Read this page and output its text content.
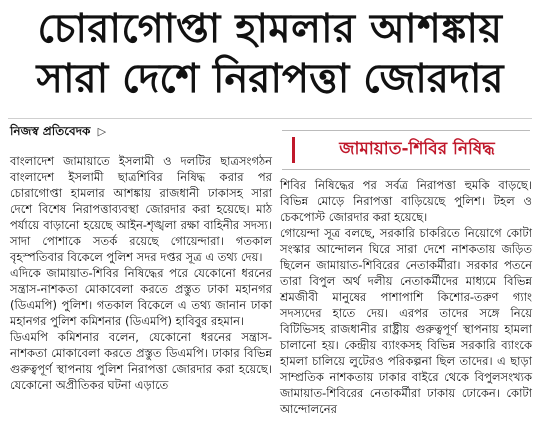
চোরাগোপ্তা হামলার আশঙ্কায়
সারা দেশে নিরাপত্তা জোরদার
নিজস্ব প্রতিবেদক ▷
জামায়াত-শিবির নিষিদ্ধ

বাংলাদেশ জামায়াতে ইসলামী ও দলটির ছাত্রসংগঠন বাংলাদেশ ইসলামী ছাত্রশিবির নিষিদ্ধ করার পর চোরাগোপ্তা হামলার আশঙ্কায় রাজধানী ঢাকাসহ সারা দেশে বিশেষ নিরাপত্তাব্যবস্থা জোরদার করা হয়েছে। মাঠ পর্যায়ে বাড়ানো হয়েছে আইন-শৃঙ্খলা রক্ষা বাহিনীর সদস্য। সাদা পোশাকে সতর্ক রয়েছে গোয়েন্দারা। গতকাল বৃহস্পতিবার বিকেলে পুলিশ সদর দপ্তর সূত্র এ তথ্য দেয়।

এদিকে জামায়াত-শিবির নিষিদ্ধের পরে যেকোনো ধরনের সন্ত্রাস-নাশকতা মোকাবেলা করতে প্রস্তুত ঢাকা মহানগর (ডিএমপি) পুলিশ। গতকাল বিকেলে এ তথ্য জানান ঢাকা মহানগর পুলিশ কমিশনার (ডিএমপি) হাবিবুর রহমান।

ডিএমপি কমিশনার বলেন, যেকোনো ধরনের সন্ত্রাস-নাশকতা মোকাবেলা করতে প্রস্তুত ডিএমপি। ঢাকার বিভিন্ন গুরুত্বপূর্ণ স্থাপনায় পুলিশ নিরাপত্তা জোরদার করা হয়েছে। যেকোনো অপ্রীতিকর ঘটনা এড়াতে

শিবির নিষিদ্ধের পর সর্বত্র নিরাপত্তা হুমকি বাড়ছে। বিভিন্ন মোড়ে নিরাপত্তা বাড়িয়েছে পুলিশ। টহল ও চেকপোস্ট জোরদার করা হয়েছে।

গোয়েন্দা সূত্র বলছে, সরকারি চাকরিতে নিয়োগে কোটা সংস্কার আন্দোলন ঘিরে সারা দেশে নাশকতায় জড়িত ছিলেন জামায়াত-শিবিরের নেতাকর্মীরা। সরকার পতনে তারা বিপুল অর্থ দলীয় নেতাকর্মীদের মাধ্যমে বিভিন্ন শ্রমজীবী মানুষের পাশাপাশি কিশোর-তরুণ গ্যাং সদস্যদের হাতে দেয়। এরপর তাদের সঙ্গে নিয়ে বিটিভিসহ রাজধানীর রাষ্ট্রীয় গুরুত্বপূর্ণ স্থাপনায় হামলা চালানো হয়। কেন্দ্রীয় ব্যাংকসহ বিভিন্ন সরকারি ব্যাংকে হামলা চালিয়ে লুটেরও পরিকল্পনা ছিল তাদের। এ ছাড়া সাম্প্রতিক নাশকতায় ঢাকার বাইরে থেকে বিপুলসংখ্যক জামায়াত-শিবিরের নেতাকর্মীরা ঢাকায় ঢোকেন। কোটা আন্দোলনের
